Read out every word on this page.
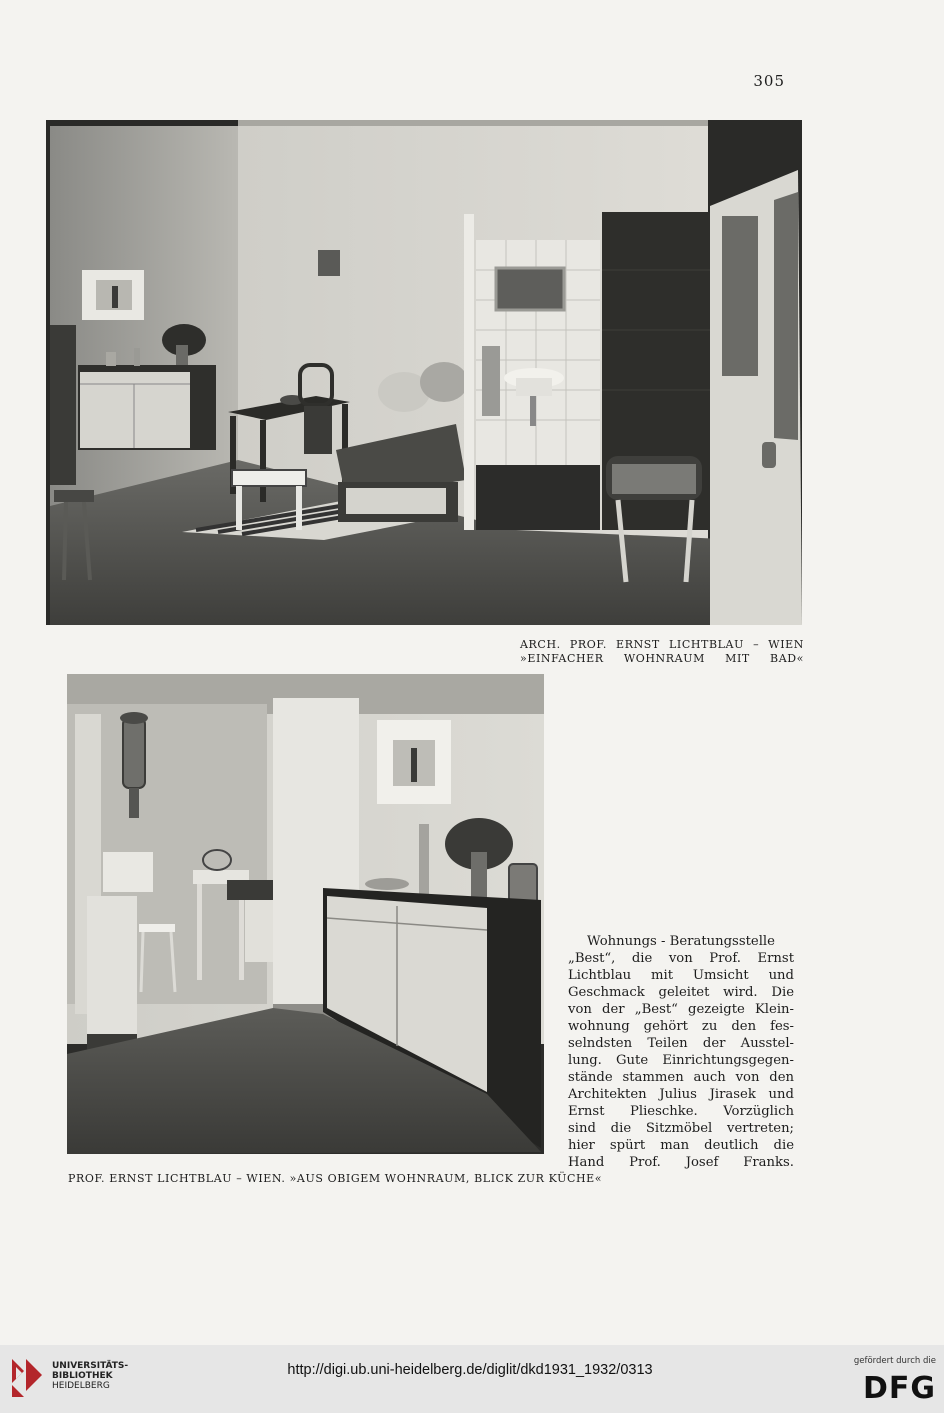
305
ARCH. PROF. ERNST LICHTBLAU – WIEN
»EINFACHER WOHNRAUM MIT BAD«
PROF. ERNST LICHTBLAU – WIEN. »AUS OBIGEM WOHNRAUM, BLICK ZUR KÜCHE«
Wohnungs - Beratungsstelle
„Best“, die von Prof. Ernst
Lichtblau mit Umsicht und
Geschmack geleitet wird. Die
von der „Best“ gezeigte Klein-
wohnung gehört zu den fes-
selndsten Teilen der Ausstel-
lung. Gute Einrichtungsgegen-
stände stammen auch von den
Architekten Julius Jirasek und
Ernst Plieschke. Vorzüglich
sind die Sitzmöbel vertreten;
hier spürt man deutlich die
Hand Prof. Josef Franks.
UNIVERSITÄTS-
BIBLIOTHEK
HEIDELBERG
http://digi.ub.uni-heidelberg.de/diglit/dkd1931_1932/0313
gefördert durch die
DFG
